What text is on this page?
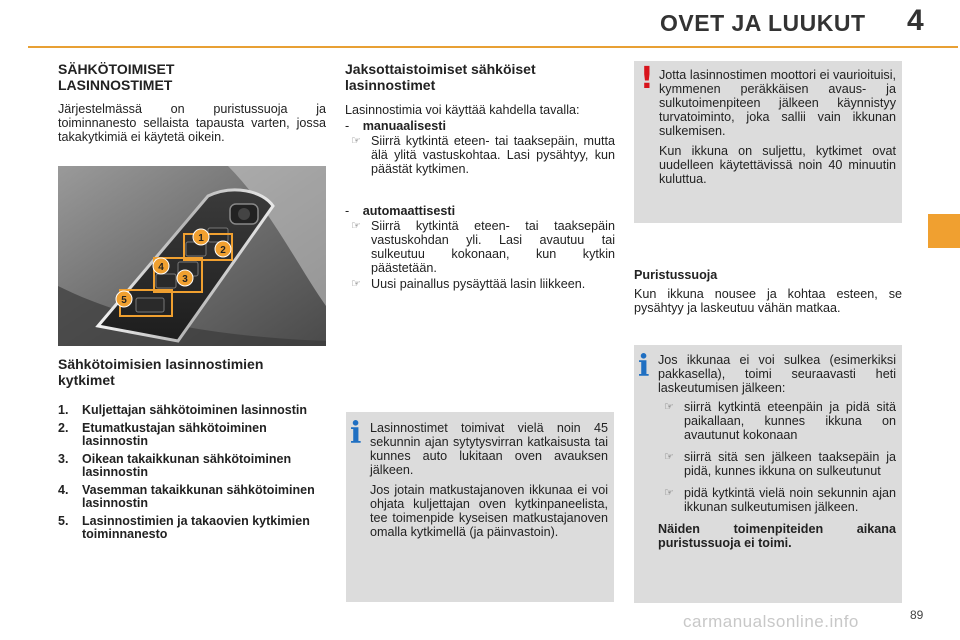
OVET JA LUUKUT 4
SÄHKÖTOIMISET LASINNOSTIMET

Järjestelmässä on puristussuoja ja toiminnanesto sellaista tapausta varten, jossa takakytkimiä ei käytetä oikein.

1
2
3
4
5
Sähkötoimisien lasinnostimien kytkimet
1. Kuljettajan sähkötoiminen lasinnostin
2. Etumatkustajan sähkötoiminen lasinnostin
3. Oikean takaikkunan sähkötoiminen lasinnostin
4. Vasemman takaikkunan sähkötoiminen lasinnostin
5. Lasinnostimien ja takaovien kytkimien toiminnanesto
Jaksottaistoimiset sähköiset lasinnostimet

Lasinnostimia voi käyttää kahdella tavalla:

- manuaalisesti
☞ Siirrä kytkintä eteen- tai taaksepäin, mutta älä ylitä vastuskohtaa. Lasi pysähtyy, kun päästät kytkimen.

- automaattisesti
☞ Siirrä kytkintä eteen- tai taaksepäin vastuskohdan yli. Lasi avautuu tai sulkeutuu kokonaan, kun kytkin päästetään.

☞ Uusi painallus pysäyttää lasin liikkeen.

i Lasinnostimet toimivat vielä noin 45 sekunnin ajan sytytysvirran katkaisusta tai kunnes auto lukitaan oven avauksen jälkeen.

Jos jotain matkustajanoven ikkunaa ei voi ohjata kuljettajan oven kytkinpaneelista, tee toimenpide kyseisen matkustajanoven omalla kytkimellä (ja päinvastoin).

! Jotta lasinnostimen moottori ei vaurioituisi, kymmenen peräkkäisen avaus- ja sulkutoimenpiteen jälkeen käynnistyy turvatoiminto, joka sallii vain ikkunan sulkemisen.

Kun ikkuna on suljettu, kytkimet ovat uudelleen käytettävissä noin 40 minuutin kuluttua.

Puristussuoja

Kun ikkuna nousee ja kohtaa esteen, se pysähtyy ja laskeutuu vähän matkaa.

i Jos ikkunaa ei voi sulkea (esimerkiksi pakkasella), toimi seuraavasti heti laskeutumisen jälkeen:

☞ siirrä kytkintä eteenpäin ja pidä sitä paikallaan, kunnes ikkuna on avautunut kokonaan

☞ siirrä sitä sen jälkeen taaksepäin ja pidä, kunnes ikkuna on sulkeutunut

☞ pidä kytkintä vielä noin sekunnin ajan ikkunan sulkeutumisen jälkeen.

Näiden toimenpiteiden aikana puristussuoja ei toimi.

89
carmanualsonline.info
